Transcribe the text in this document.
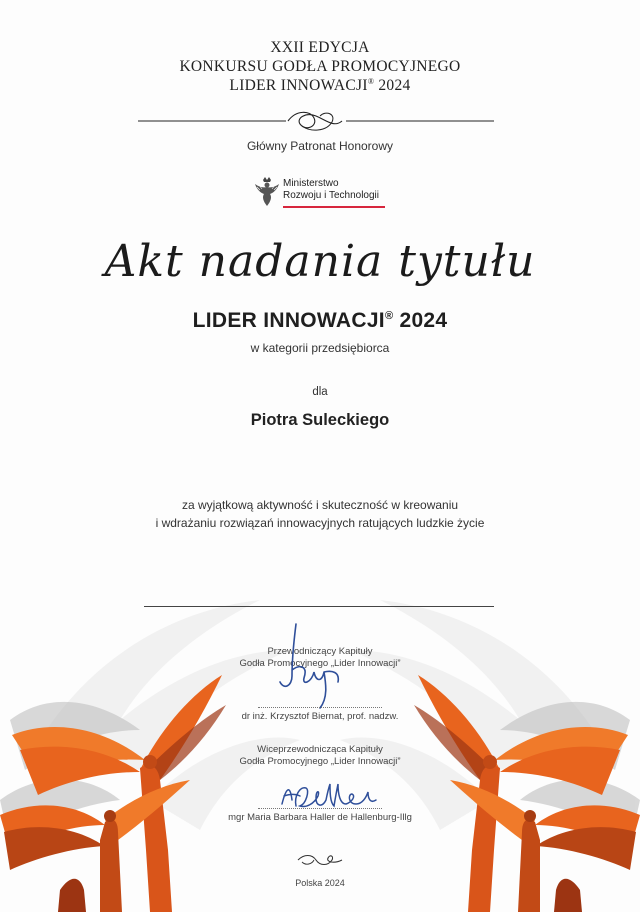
XXII EDYCJA
KONKURSU GODŁA PROMOCYJNEGO
LIDER INNOWACJI® 2024
Główny Patronat Honorowy
Ministerstwo
Rozwoju i Technologii
Akt nadania tytułu
LIDER INNOWACJI® 2024
w kategorii przedsiębiorca
dla
Piotra Suleckiego
za wyjątkową aktywność i skuteczność w kreowaniu
i wdrażaniu rozwiązań innowacyjnych ratujących ludzkie życie
Przewodniczący Kapituły
Godła Promocyjnego „Lider Innowacji”
dr inż. Krzysztof Biernat, prof. nadzw.
Wiceprzewodnicząca Kapituły
Godła Promocyjnego „Lider Innowacji”
mgr Maria Barbara Haller de Hallenburg-Illg
Polska 2024
